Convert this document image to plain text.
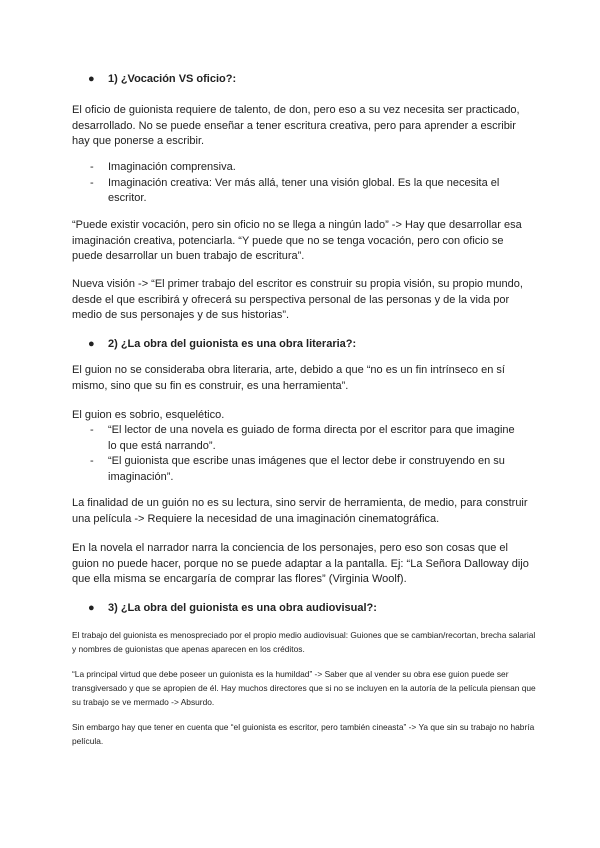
● 1) ¿Vocación VS oficio?:
El oficio de guionista requiere de talento, de don, pero eso a su vez necesita ser practicado, desarrollado. No se puede enseñar a tener escritura creativa, pero para aprender a escribir hay que ponerse a escribir.
- Imaginación comprensiva.
- Imaginación creativa: Ver más allá, tener una visión global. Es la que necesita el escritor.
“Puede existir vocación, pero sin oficio no se llega a ningún lado” -> Hay que desarrollar esa imaginación creativa, potenciarla. “Y puede que no se tenga vocación, pero con oficio se puede desarrollar un buen trabajo de escritura”.
Nueva visión -> “El primer trabajo del escritor es construir su propia visión, su propio mundo, desde el que escribirá y ofrecerá su perspectiva personal de las personas y de la vida por medio de sus personajes y de sus historias”.
● 2) ¿La obra del guionista es una obra literaria?:
El guion no se consideraba obra literaria, arte, debido a que “no es un fin intrínseco en sí mismo, sino que su fin es construir, es una herramienta”.
El guion es sobrio, esquelético.
- “El lector de una novela es guiado de forma directa por el escritor para que imagine lo que está narrando”.
- “El guionista que escribe unas imágenes que el lector debe ir construyendo en su imaginación”.
La finalidad de un guión no es su lectura, sino servir de herramienta, de medio, para construir una película -> Requiere la necesidad de una imaginación cinematográfica.
En la novela el narrador narra la conciencia de los personajes, pero eso son cosas que el guion no puede hacer, porque no se puede adaptar a la pantalla. Ej: “La Señora Dalloway dijo que ella misma se encargaría de comprar las flores” (Virginia Woolf).
● 3) ¿La obra del guionista es una obra audiovisual?:
El trabajo del guionista es menospreciado por el propio medio audiovisual: Guiones que se cambian/recortan, brecha salarial y nombres de guionistas que apenas aparecen en los créditos.
“La principal virtud que debe poseer un guionista es la humildad” -> Saber que al vender su obra ese guion puede ser transgiversado y que se apropien de él. Hay muchos directores que si no se incluyen en la autoría de la película piensan que su trabajo se ve mermado -> Absurdo.
Sin embargo hay que tener en cuenta que “el guionista es escritor, pero también cineasta” -> Ya que sin su trabajo no habría película.
